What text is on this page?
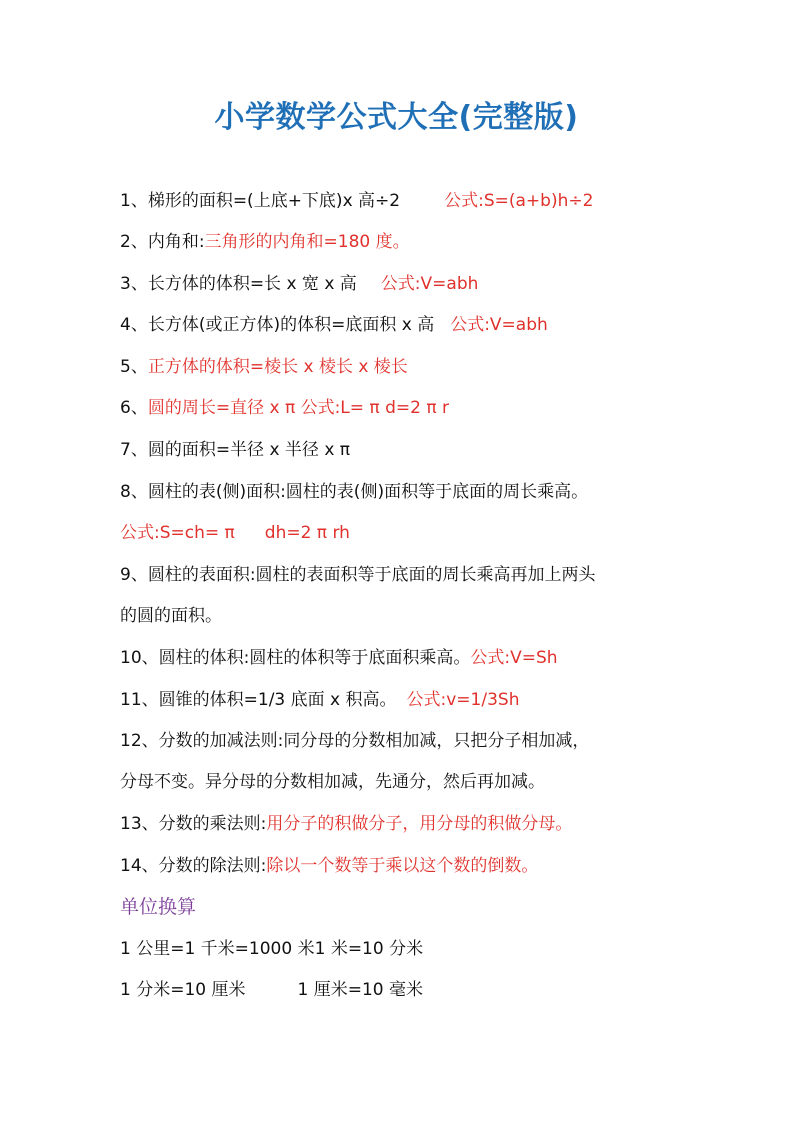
小学数学公式大全(完整版)
1、梯形的面积=(上底+下底)x 高÷2	公式:S=(a+b)h÷2
2、内角和:三角形的内角和=180 度。
3、长方体的体积=长 x 宽 x 高 公式:V=abh
4、长方体(或正方体)的体积=底面积 x 高 公式:V=abh
5、正方体的体积=棱长 x 棱长 x 棱长
6、圆的周长=直径 x π 公式:L= π d=2 π r
7、圆的面积=半径 x 半径 x π
8、圆柱的表(侧)面积:圆柱的表(侧)面积等于底面的周长乘高。
公式:S=ch= π dh=2 π rh
9、圆柱的表面积:圆柱的表面积等于底面的周长乘高再加上两头
的圆的面积。
10、圆柱的体积:圆柱的体积等于底面积乘高。公式:V=Sh
11、圆锥的体积=1/3 底面 x 积高。 公式:v=1/3Sh
12、分数的加减法则:同分母的分数相加减，只把分子相加减，
分母不变。异分母的分数相加减，先通分，然后再加减。
13、分数的乘法则:用分子的积做分子，用分母的积做分母。
14、分数的除法则:除以一个数等于乘以这个数的倒数。
单位换算
1 公里=1 千米=1000 米1 米=10 分米
1 分米=10 厘米	1 厘米=10 毫米
